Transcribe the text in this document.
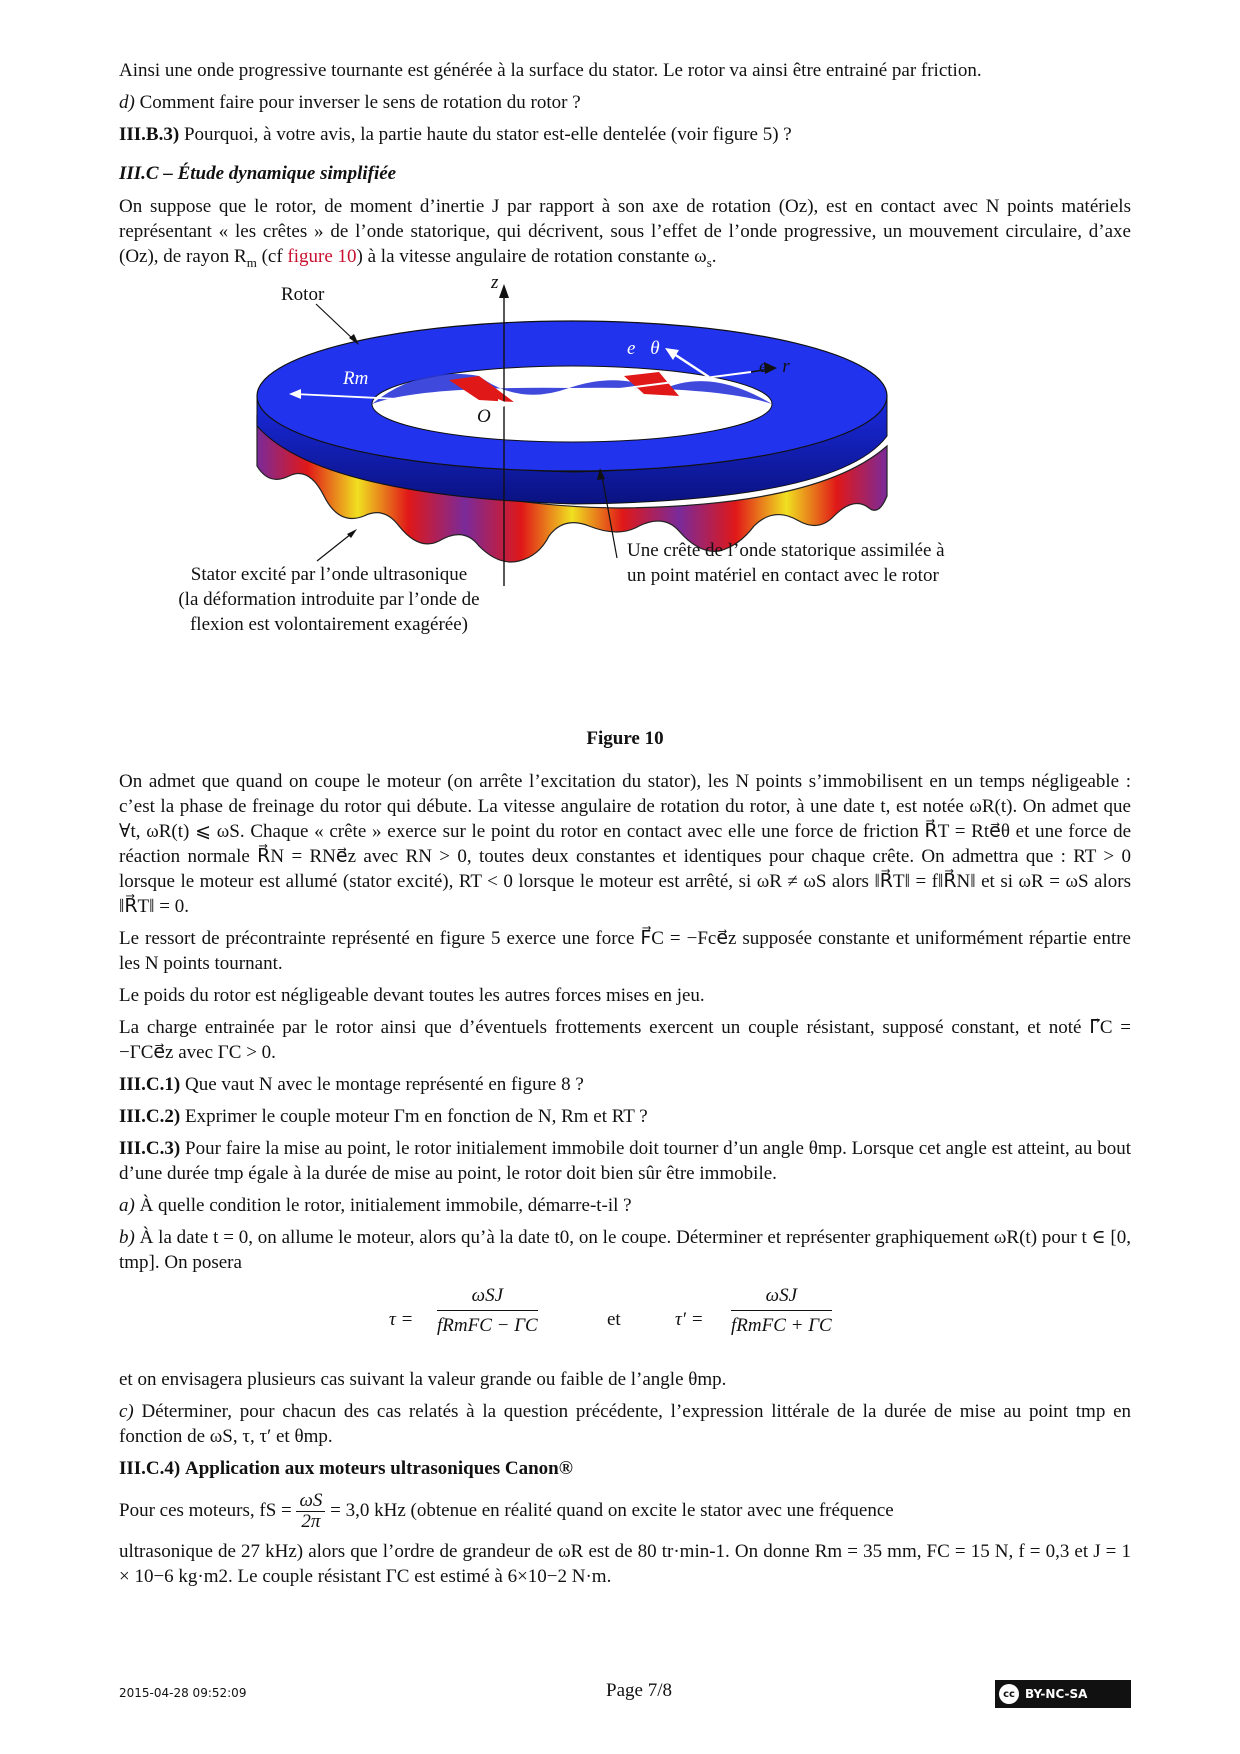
Ainsi une onde progressive tournante est générée à la surface du stator. Le rotor va ainsi être entrainé par friction.

d) Comment faire pour inverser le sens de rotation du rotor ?

III.B.3) Pourquoi, à votre avis, la partie haute du stator est-elle dentelée (voir figure 5) ?

III.C – Étude dynamique simplifiée

On suppose que le rotor, de moment d’inertie J par rapport à son axe de rotation (Oz), est en contact avec N points matériels représentant « les crêtes » de l’onde statorique, qui décrivent, sous l’effet de l’onde progressive, un mouvement circulaire, d’axe (Oz), de rayon $R_m$ (cf figure 10) à la vitesse angulaire de rotation constante $\omega_s$.

Rotor
z
e⃗θ
e⃗r
Rm
O
Stator excité par l’onde ultrasonique
(la déformation introduite par l’onde de
flexion est volontairement exagérée)
Une crête de l’onde statorique assimilée à
un point matériel en contact avec le rotor
Figure 10

On admet que quand on coupe le moteur (on arrête l’excitation du stator), les N points s’immobilisent en un temps négligeable : c’est la phase de freinage du rotor qui débute. La vitesse angulaire de rotation du rotor, à une date t, est notée ωR(t). On admet que ∀t, ωR(t) ⩽ ωS. Chaque « crête » exerce sur le point du rotor en contact avec elle une force de friction R⃗T = Rte⃗θ et une force de réaction normale R⃗N = RNe⃗z avec RN > 0, toutes deux constantes et identiques pour chaque crête. On admettra que : RT > 0 lorsque le moteur est allumé (stator excité), RT < 0 lorsque le moteur est arrêté, si ωR ≠ ωS alors ‖R⃗T‖ = f‖R⃗N‖ et si ωR = ωS alors ‖R⃗T‖ = 0.

Le ressort de précontrainte représenté en figure 5 exerce une force F⃗C = −Fce⃗z supposée constante et uniformément répartie entre les N points tournant.

Le poids du rotor est négligeable devant toutes les autres forces mises en jeu.

La charge entrainée par le rotor ainsi que d’éventuels frottements exercent un couple résistant, supposé constant, et noté Γ⃗C = −ΓCe⃗z avec ΓC > 0.

III.C.1) Que vaut N avec le montage représenté en figure 8 ?

III.C.2) Exprimer le couple moteur Γm en fonction de N, Rm et RT ?

III.C.3) Pour faire la mise au point, le rotor initialement immobile doit tourner d’un angle θmp. Lorsque cet angle est atteint, au bout d’une durée tmp égale à la durée de mise au point, le rotor doit bien sûr être immobile.

a) À quelle condition le rotor, initialement immobile, démarre-t-il ?

b) À la date t = 0, on allume le moteur, alors qu’à la date t0, on le coupe. Déterminer et représenter graphiquement ωR(t) pour t ∈ [0, tmp]. On posera

τ =
ωSJ
fRmFC − ΓC	et	τ′ =
ωSJ
fRmFC + ΓC

et on envisagera plusieurs cas suivant la valeur grande ou faible de l’angle θmp.

c) Déterminer, pour chacun des cas relatés à la question précédente, l’expression littérale de la durée de mise au point tmp en fonction de ωS, τ, τ′ et θmp.

III.C.4) Application aux moteurs ultrasoniques Canon®

Pour ces moteurs, fS = $\frac{\omega S}{2\pi} = 3,0$ kHz (obtenue en réalité quand on excite le stator avec une fréquence

ultrasonique de 27 kHz) alors que l’ordre de grandeur de ωR est de 80 tr·min-1. On donne Rm = 35 mm, FC = 15 N, f = 0,3 et J = 1 × 10−6 kg·m2. Le couple résistant ΓC est estimé à 6×10−2 N·m.

2015-04-28 09:52:09	Page 7/8	cc BY-NC-SA
